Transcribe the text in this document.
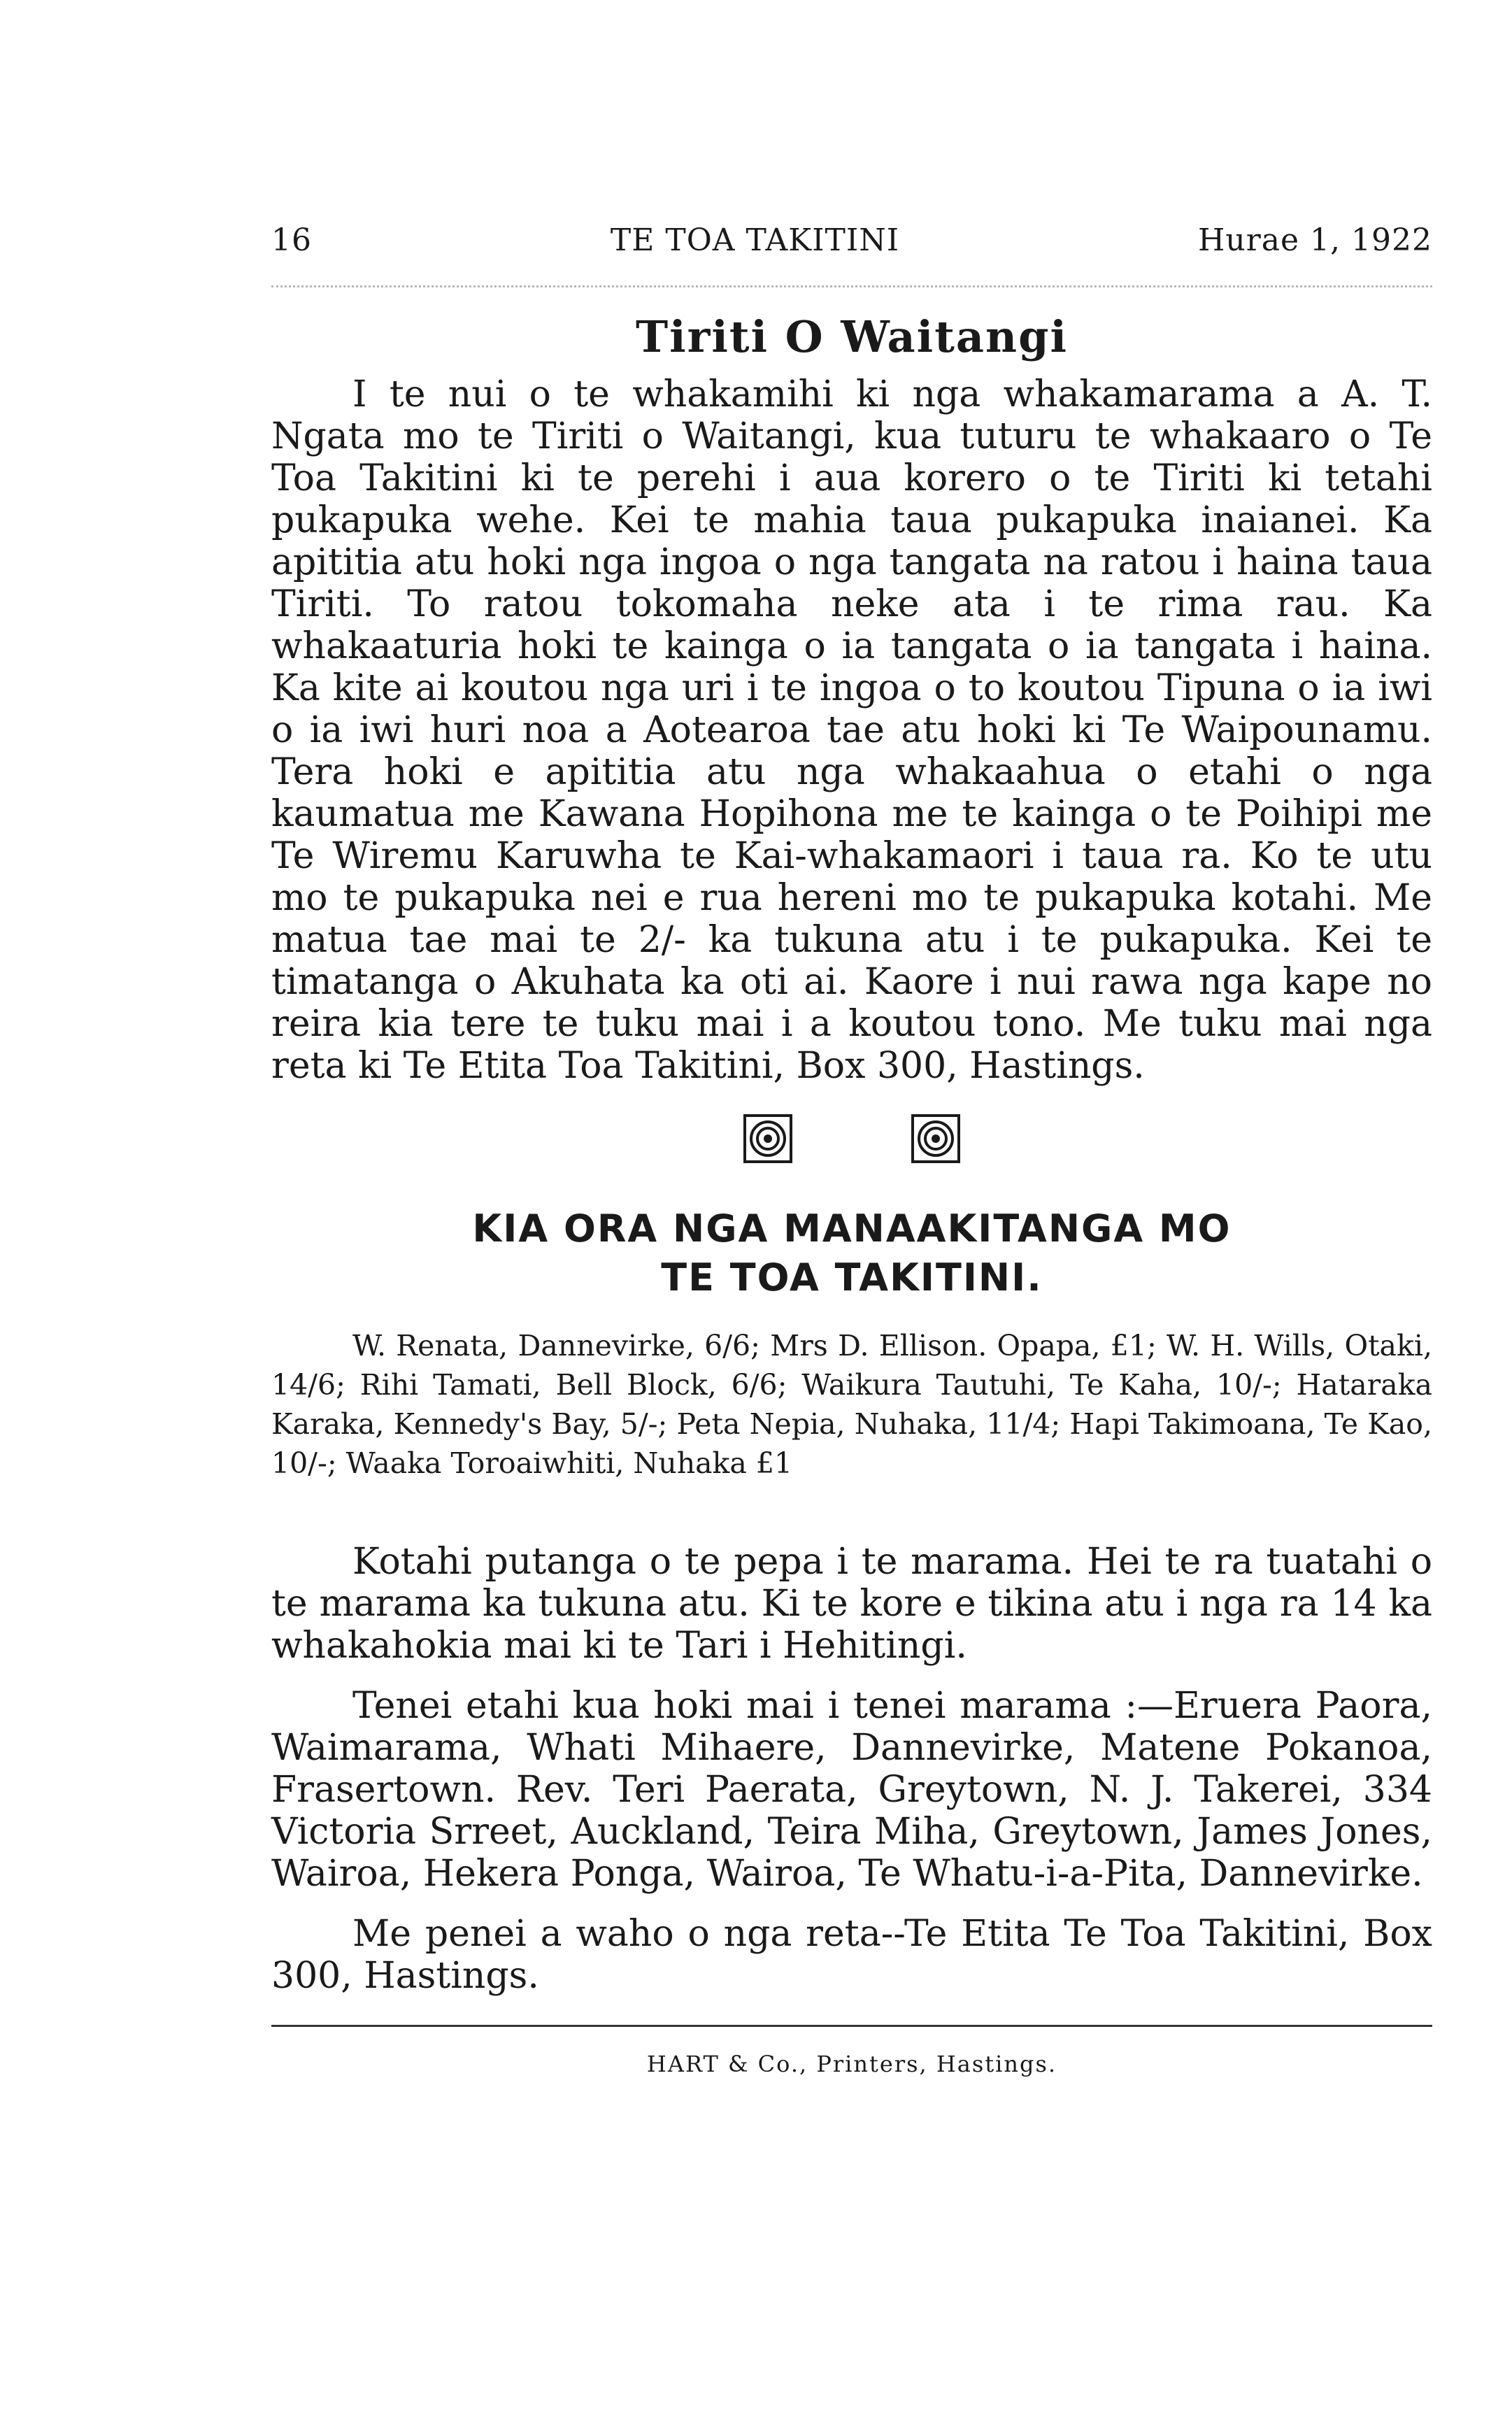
16	TE TOA TAKITINI	Hurae 1, 1922
Tiriti O Waitangi

I te nui o te whakamihi ki nga whakamarama a A. T. Ngata mo te Tiriti o Waitangi, kua tuturu te whakaaro o Te Toa Takitini ki te perehi i aua korero o te Tiriti ki tetahi pukapuka wehe. Kei te mahia taua pukapuka inaianei. Ka apititia atu hoki nga ingoa o nga tangata na ratou i haina taua Tiriti. To ratou tokomaha neke ata i te rima rau. Ka whakaaturia hoki te kainga o ia tangata o ia tangata i haina. Ka kite ai koutou nga uri i te ingoa o to koutou Tipuna o ia iwi o ia iwi huri noa a Aotearoa tae atu hoki ki Te Waipounamu. Tera hoki e apititia atu nga whakaahua o etahi o nga kaumatua me Kawana Hopihona me te kainga o te Poihipi me Te Wiremu Karuwha te Kai-whakamaori i taua ra. Ko te utu mo te pukapuka nei e rua hereni mo te pukapuka kotahi. Me matua tae mai te 2/- ka tukuna atu i te pukapuka. Kei te timatanga o Akuhata ka oti ai. Kaore i nui rawa nga kape no reira kia tere te tuku mai i a koutou tono. Me tuku mai nga reta ki Te Etita Toa Takitini, Box 300, Hastings.

KIA ORA NGA MANAAKITANGA MO
TE TOA TAKITINI.

W. Renata, Dannevirke, 6/6; Mrs D. Ellison. Opapa, £1; W. H. Wills, Otaki, 14/6; Rihi Tamati, Bell Block, 6/6; Waikura Tautuhi, Te Kaha, 10/-; Hataraka Karaka, Kennedy's Bay, 5/-; Peta Nepia, Nuhaka, 11/4; Hapi Takimoana, Te Kao, 10/-; Waaka Toroaiwhiti, Nuhaka £1

Kotahi putanga o te pepa i te marama. Hei te ra tuatahi o te marama ka tukuna atu. Ki te kore e tikina atu i nga ra 14 ka whakahokia mai ki te Tari i Hehitingi.

Tenei etahi kua hoki mai i tenei marama :—Eruera Paora, Waimarama, Whati Mihaere, Dannevirke, Matene Pokanoa, Frasertown. Rev. Teri Paerata, Greytown, N. J. Takerei, 334 Victoria Srreet, Auckland, Teira Miha, Greytown, James Jones, Wairoa, Hekera Ponga, Wairoa, Te Whatu-i-a-Pita, Dannevirke.

Me penei a waho o nga reta--Te Etita Te Toa Takitini, Box 300, Hastings.

HART & Co., Printers, Hastings.
